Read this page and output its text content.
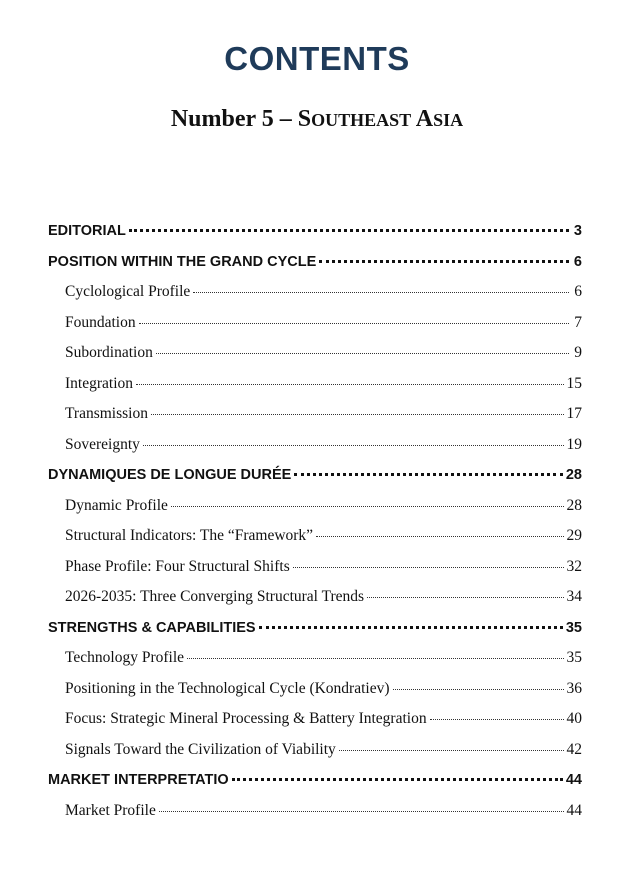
CONTENTS
Number 5 – SOUTHEAST ASIA
EDITORIAL	3
POSITION WITHIN THE GRAND CYCLE	6
Cyclological Profile	6
Foundation	7
Subordination	9
Integration	15
Transmission	17
Sovereignty	19
DYNAMIQUES DE LONGUE DURÉE	28
Dynamic Profile	28
Structural Indicators: The “Framework”	29
Phase Profile: Four Structural Shifts	32
2026-2035: Three Converging Structural Trends	34
STRENGTHS & CAPABILITIES	35
Technology Profile	35
Positioning in the Technological Cycle (Kondratiev)	36
Focus: Strategic Mineral Processing & Battery Integration	40
Signals Toward the Civilization of Viability	42
MARKET INTERPRETATIO	44
Market Profile	44
